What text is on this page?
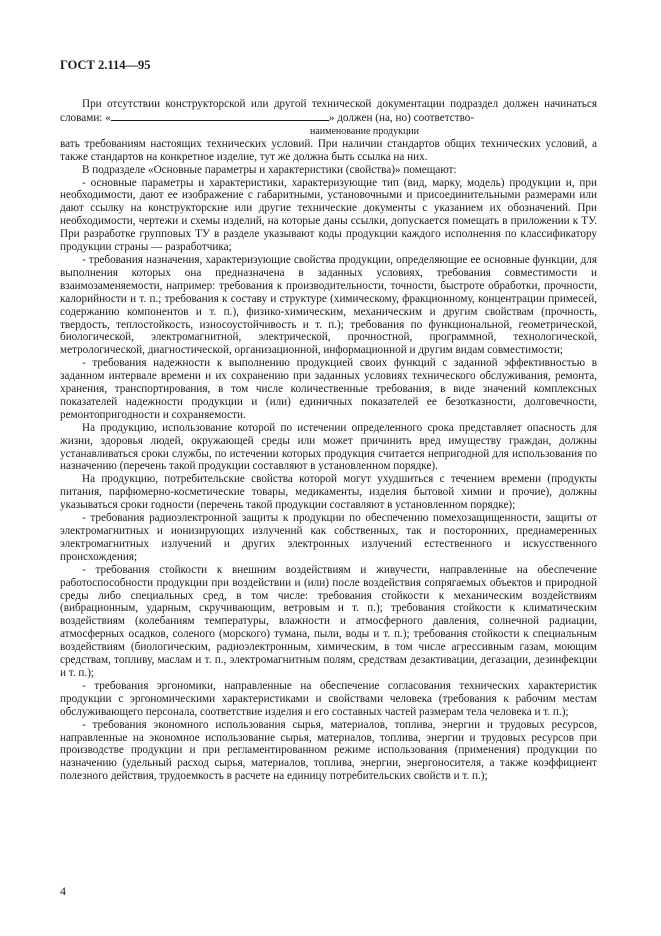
ГОСТ 2.114—95

При отсутствии конструкторской или другой технической документации подраздел должен начинаться словами: «	» должен (на, но) соответство-
наименование продукции

вать требованиям настоящих технических условий. При наличии стандартов общих технических условий, а также стандартов на конкретное изделие, тут же должна быть ссылка на них.

В подразделе «Основные параметры и характеристики (свойства)» помещают:

- основные параметры и характеристики, характеризующие тип (вид, марку, модель) продукции и, при необходимости, дают ее изображение с габаритными, установочными и присоединительными размерами или дают ссылку на конструкторские или другие технические документы с указанием их обозначений. При необходимости, чертежи и схемы изделий, на которые даны ссылки, допускается помещать в приложении к ТУ. При разработке групповых ТУ в разделе указывают коды продукции каждого исполнения по классификатору продукции страны — разработчика;

- требования назначения, характеризующие свойства продукции, определяющие ее основные функции, для выполнения которых она предназначена в заданных условиях, требования совместимости и взаимозаменяемости, например: требования к производительности, точности, быстроте обработки, прочности, калорийности и т. п.; требования к составу и структуре (химическому, фракционному, концентрации примесей, содержанию компонентов и т. п.), физико-химическим, механическим и другим свойствам (прочность, твердость, теплостойкость, износоустойчивость и т. п.); требования по функциональной, геометрической, биологической, электромагнитной, электрической, прочностной, программной, технологической, метрологической, диагностической, организационной, информационной и другим видам совместимости;

- требования надежности к выполнению продукцией своих функций с заданной эффективностью в заданном интервале времени и их сохранению при заданных условиях технического обслуживания, ремонта, хранения, транспортирования, в том числе количественные требования, в виде значений комплексных показателей надежности продукции и (или) единичных показателей ее безотказности, долговечности, ремонтопригодности и сохраняемости.

На продукцию, использование которой по истечении определенного срока представляет опасность для жизни, здоровья людей, окружающей среды или может причинить вред имуществу граждан, должны устанавливаться сроки службы, по истечении которых продукция считается непригодной для использования по назначению (перечень такой продукции составляют в установленном порядке).

На продукцию, потребительские свойства которой могут ухудшиться с течением времени (продукты питания, парфюмерно-косметические товары, медикаменты, изделия бытовой химии и прочие), должны указываться сроки годности (перечень такой продукции составляют в установленном порядке);

- требования радиоэлектронной защиты к продукции по обеспечению помехозащищенности, защиты от электромагнитных и ионизирующих излучений как собственных, так и посторонних, преднамеренных электромагнитных излучений и других электронных излучений естественного и искусственного происхождения;

- требования стойкости к внешним воздействиям и живучести, направленные на обеспечение работоспособности продукции при воздействии и (или) после воздействия сопрягаемых объектов и природной среды либо специальных сред, в том числе: требования стойкости к механическим воздействиям (вибрационным, ударным, скручивающим, ветровым и т. п.); требования стойкости к климатическим воздействиям (колебаниям температуры, влажности и атмосферного давления, солнечной радиации, атмосферных осадков, соленого (морского) тумана, пыли, воды и т. п.); требования стойкости к специальным воздействиям (биологическим, радиоэлектронным, химическим, в том числе агрессивным газам, моющим средствам, топливу, маслам и т. п., электромагнитным полям, средствам дезактивации, дегазации, дезинфекции и т. п.);

- требования эргономики, направленные на обеспечение согласования технических характеристик продукции с эргономическими характеристиками и свойствами человека (требования к рабочим местам обслуживающего персонала, соответствие изделия и его составных частей размерам тела человека и т. п.);

- требования экономного использования сырья, материалов, топлива, энергии и трудовых ресурсов, направленные на экономное использование сырья, материалов, топлива, энергии и трудовых ресурсов при производстве продукции и при регламентированном режиме использования (применения) продукции по назначению (удельный расход сырья, материалов, топлива, энергии, энергоносителя, а также коэффициент полезного действия, трудоемкость в расчете на единицу потребительских свойств и т. п.);

4
